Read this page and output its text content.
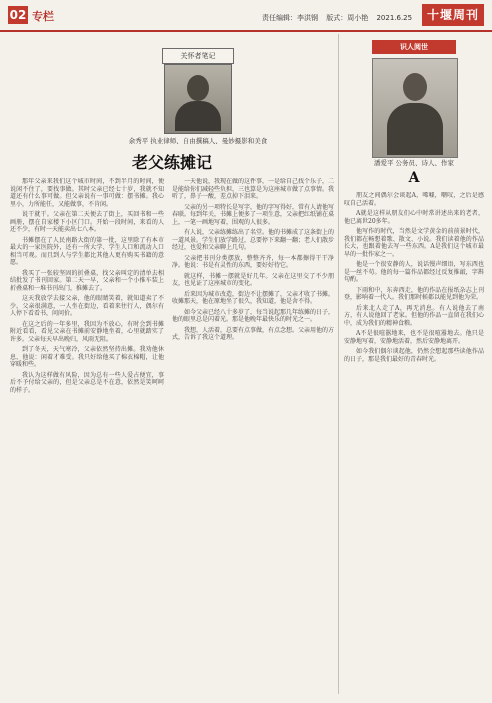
02 专栏	责任编辑：李洪钢 版式：周小艳 2021.6.25	十堰周刊
关怀者笔记
余秀平 执业律师、自由撰稿人、曼妙摄影和美食
老父练摊记

那年父亲来我们这个城市时间，不到半月的时间，便说闲不住了，要找事做。其时父亲已经七十岁，我就不知道还有什么事可做。但父亲说有一事可做：摆书摊。我心里小，力所能任，又能做事，不肯闲。

说干就干。父亲在第二天便去了街上，买回书和一些画册，摆在自家楼下小区门口。开始一段时间，来看的人还不少，有时一天能卖出七八本。

书摊摆在了人民南路大街的第一批，这里除了有本市最大的一家医院外，还有一所大学、学生人口和流动人口相当可观。而且到人与学生都比其他人更有购买书籍的意愿。

我买了一张较坚固的折叠桌，找父亲叫定的清单去相结批发了书刊回家。第二天一早，父亲和一个小推车装上折叠桌和一堆书刊出门，推摊去了。

这天我放学去接父亲，他的眼睛笑着，就知道卖了不少。父亲很满意，一人坐在街边，看着来往行人，偶尔有人停下看看书，问问价。

在这之后的一年多里，我因为不放心，有时会到书摊附近看看，看见父亲在书摊前安静地坐着，心里就踏实了许多。父亲每天早出晚归，风雨无阻。

到了冬天，天气寒冷，父亲依然坚持出摊。我劝他休息，他说：闲着才难受。我只好给他买了棉衣棉帽，让他穿暖和些。

我认为这样做有风险，因为总有一些人爱占便宜，事后不予付给父亲的，但是父亲总是不在意，依然是笑呵呵的样子。

一天他说，我现在做的这件事，一是给自己找个乐子，二是能给你们减轻些负担，三也算是为这座城市做了点事情。我听了，鼻子一酸，差点掉下泪来。

父亲的另一项特长是写字，他的字写得好，常有人请他写春联。每到年关，书摊上便多了一项生意，父亲把红纸铺在桌上，一笔一画地写着，围观的人很多。

有人说，父亲练摊练出了名堂。他的书摊成了这条街上的一道风景。学生们放学路过，总要停下来翻一翻；老人们散步经过，也爱和父亲聊上几句。

父亲把书刊分类摆放，整整齐齐，每一本都擦得干干净净。他说：书是有灵性的东西，要好好待它。

就这样，书摊一摆就是好几年。父亲在这里交了不少朋友，也见证了这座城市的变化。

后来因为城市改造，街边不让摆摊了，父亲才收了书摊。收摊那天，他在原地坐了很久，我知道，他是舍不得。

如今父亲已经八十多岁了，每当说起那几年练摊的日子，他的眼里总是闪着光。那是他晚年最快乐的时光之一。

我想，人活着，总要有点事做，有点念想。父亲用他的方式，告诉了我这个道理。

识人阅世
潘爱平 公务员、诗人、作家
A

朋友之间偶尔会谈起A，唏嘘，嘲叹，之后是感叹自己活着。

A就是这样从朋友们心中时常讲述出来的老者，他已离世20多年。

他写作的时代，当然是文学黄金的前前景时代，我们都在畅想着歌、散文、小说。我们读着他的作品长大，也跟着他去写一些东西。A是我们这个城市最早的一批作家之一。

他是一个很安静的人，说话慢声细语，写东西也是一丝不苟。他的每一篇作品都经过反复推敲，字斟句酌。

下雨和中，东奔西走，他的作品在报纸杂志上刊登，影响着一代人。我们那时候都以能见到他为荣。

后来北人走了A，再无消息。有人说他去了南方，有人说他回了老家。但他的作品一直留在我们心中，成为我们的精神食粮。

A不是很喧嚣地来，也不是很喧嚣地去。他只是安静地写着，安静地活着，然后安静地离开。

如今我们偶尔谈起他，仍然会想起那些读他作品的日子，那是我们最好的青春时光。
